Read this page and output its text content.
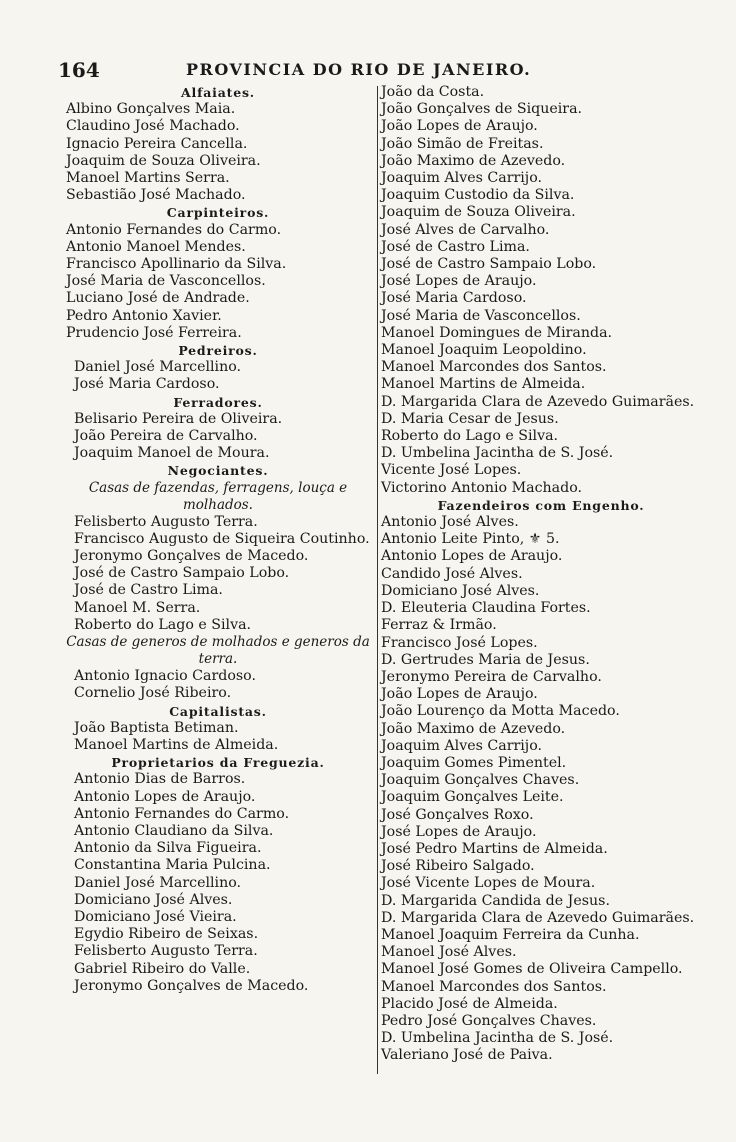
164	PROVINCIA DO RIO DE JANEIRO.
Alfaiates.
Albino Gonçalves Maia.
Claudino José Machado.
Ignacio Pereira Cancella.
Joaquim de Souza Oliveira.
Manoel Martins Serra.
Sebastião José Machado.
Carpinteiros.
Antonio Fernandes do Carmo.
Antonio Manoel Mendes.
Francisco Apollinario da Silva.
José Maria de Vasconcellos.
Luciano José de Andrade.
Pedro Antonio Xavier.
Prudencio José Ferreira.
Pedreiros.
Daniel José Marcellino.
José Maria Cardoso.
Ferradores.
Belisario Pereira de Oliveira.
João Pereira de Carvalho.
Joaquim Manoel de Moura.
Negociantes.
Casas de fazendas, ferragens, louça e molhados.
Felisberto Augusto Terra.
Francisco Augusto de Siqueira Coutinho.
Jeronymo Gonçalves de Macedo.
José de Castro Sampaio Lobo.
José de Castro Lima.
Manoel M. Serra.
Roberto do Lago e Silva.
Casas de generos de molhados e generos da terra.
Antonio Ignacio Cardoso.
Cornelio José Ribeiro.
Capitalistas.
João Baptista Betiman.
Manoel Martins de Almeida.
Proprietarios da Freguezia.
Antonio Dias de Barros.
Antonio Lopes de Araujo.
Antonio Fernandes do Carmo.
Antonio Claudiano da Silva.
Antonio da Silva Figueira.
Constantina Maria Pulcina.
Daniel José Marcellino.
Domiciano José Alves.
Domiciano José Vieira.
Egydio Ribeiro de Seixas.
Felisberto Augusto Terra.
Gabriel Ribeiro do Valle.
Jeronymo Gonçalves de Macedo.
João da Costa.
João Gonçalves de Siqueira.
João Lopes de Araujo.
João Simão de Freitas.
João Maximo de Azevedo.
Joaquim Alves Carrijo.
Joaquim Custodio da Silva.
Joaquim de Souza Oliveira.
José Alves de Carvalho.
José de Castro Lima.
José de Castro Sampaio Lobo.
José Lopes de Araujo.
José Maria Cardoso.
José Maria de Vasconcellos.
Manoel Domingues de Miranda.
Manoel Joaquim Leopoldino.
Manoel Marcondes dos Santos.
Manoel Martins de Almeida.
D. Margarida Clara de Azevedo Guimarães.
D. Maria Cesar de Jesus.
Roberto do Lago e Silva.
D. Umbelina Jacintha de S. José.
Vicente José Lopes.
Victorino Antonio Machado.
Fazendeiros com Engenho.
Antonio José Alves.
Antonio Leite Pinto, ⚜ 5.
Antonio Lopes de Araujo.
Candido José Alves.
Domiciano José Alves.
D. Eleuteria Claudina Fortes.
Ferraz & Irmão.
Francisco José Lopes.
D. Gertrudes Maria de Jesus.
Jeronymo Pereira de Carvalho.
João Lopes de Araujo.
João Lourenço da Motta Macedo.
João Maximo de Azevedo.
Joaquim Alves Carrijo.
Joaquim Gomes Pimentel.
Joaquim Gonçalves Chaves.
Joaquim Gonçalves Leite.
José Gonçalves Roxo.
José Lopes de Araujo.
José Pedro Martins de Almeida.
José Ribeiro Salgado.
José Vicente Lopes de Moura.
D. Margarida Candida de Jesus.
D. Margarida Clara de Azevedo Guimarães.
Manoel Joaquim Ferreira da Cunha.
Manoel José Alves.
Manoel José Gomes de Oliveira Campello.
Manoel Marcondes dos Santos.
Placido José de Almeida.
Pedro José Gonçalves Chaves.
D. Umbelina Jacintha de S. José.
Valeriano José de Paiva.
